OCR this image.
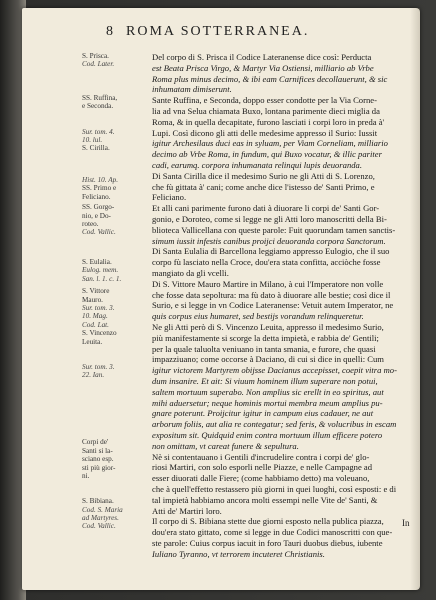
8 ROMA SOTTERRANEA.
S. Prisca.
Cod. Later.
SS. Ruffina,
e Seconda.
Sur. tom. 4.
10. lul.
S. Cirilla.
Hist. 10. Ap.
SS. Primo e
Feliciano.
SS. Gorgo-
nio, e Do-
roteo.
Cod. Vallic.
S. Eulalia.
Eulog. mem.
San. l. 1. c. 1.
S. Vittore
Mauro.
Sur. tom. 3.
10. Mag.
Cod. Lat.
S. Vincenzo
Leuita.
Sur. tom. 3.
22. Ian.
Corpi de'
Santi si la-
sciano esp.
sti più gior-
ni.
S. Bibiana.
Cod. S. Maria
ad Martyres.
Cod. Vallic.
Del corpo di S. Prisca il Codice Lateranense dice così: Perducta
est Beata Prisca Virgo, & Martyr Via Ostiensi, milliario ab Vrbe
Roma plus minus decimo, & ibi eam Carnifices decollauerunt, & sic
inhumatam dimiserunt.
Sante Ruffina, e Seconda, doppo esser condotte per la Via Corne-
lia ad vna Selua chiamata Buxo, lontana parimente dieci miglia da
Roma, & in quella decapitate, furono lasciati i corpi loro in preda à'
Lupi. Così dicono gli atti delle medesime appresso il Surio: Iussit
igitur Archesilaus duci eas in syluam, per Viam Corneliam, milliario
decimo ab Vrbe Roma, in fundum, qui Buxo vocatur, & illic pariter
cadi, earumq. corpora inhumanata relinqui lupis deuoranda.
Di Santa Cirilla dice il medesimo Surio ne gli Atti di S. Lorenzo,
che fù gittata à' cani; come anche dice l'istesso de' Santi Primo, e
Feliciano.
Et alli cani parimente furono dati à diuorare li corpi de' Santi Gor-
gonio, e Doroteo, come si legge ne gli Atti loro manoscritti della Bi-
blioteca Vallicellana con queste parole: Fuit quorundam tamen sanctis-
simum iussit infestis canibus proijci deuoranda corpora Sanctorum.
Di Santa Eulalia di Barcellona leggiamo appresso Eulogio, che il suo
corpo fù lasciato nella Croce, dou'era stata confitta, acciòche fosse
mangiato da gli vcelli.
Di S. Vittore Mauro Martire in Milano, à cui l'Imperatore non volle
che fosse data sepoltura: ma fù dato à diuorare alle bestie; così dice il
Surio, e si legge in vn Codice Lateranense: Vetuit autem Imperator, ne
quis corpus eius humaret, sed bestijs vorandum relinqueretur.
Ne gli Atti però di S. Vincenzo Leuita, appresso il medesimo Surio,
più manifestamente si scorge la detta impietà, e rabbia de' Gentili;
per la quale taluolta veniuano in tanta smania, e furore, che quasi
impazziuano; come occorse à Daciano, di cui si dice in quelli: Cum
igitur victorem Martyrem obijsse Dacianus accepisset, coepit vitra mo-
dum insanire. Et ait: Si viuum hominem illum superare non potui,
saltem mortuum superabo. Non amplius sic erellt in eo spiritus, aut
mihi aduersetur; neque hominis mortui membra meum amplius pu-
gnare poterunt. Proijcitur igitur in campum eius cadauer, ne aut
arborum foliis, aut alia re contegatur; sed feris, & volucribus in escam
expositum sit. Quidquid enim contra mortuum illum efficere potero
non omittam, vt careat funere & sepultura.
Nè si contentauano i Gentili d'incrudelire contra i corpi de' glo-
riosi Martiri, con solo esporli nelle Piazze, e nelle Campagne ad
esser diuorati dalle Fiere; (come habbiamo detto) ma voleuano,
che à quell'effetto restassero più giorni in quei luoghi, così esposti: e di
tal impietà habbiamo ancora molti essempi nelle Vite de' Santi, &
Atti de' Martiri loro.
Il corpo di S. Bibiana stette due giorni esposto nella publica piazza,
dou'era stato gittato, come si legge in due Codici manoscritti con que-
ste parole: Cuius corpus iacuit in foro Tauri duobus diebus, iubente
Iuliano Tyranno, vt terrorem incuteret Christianis.
In
